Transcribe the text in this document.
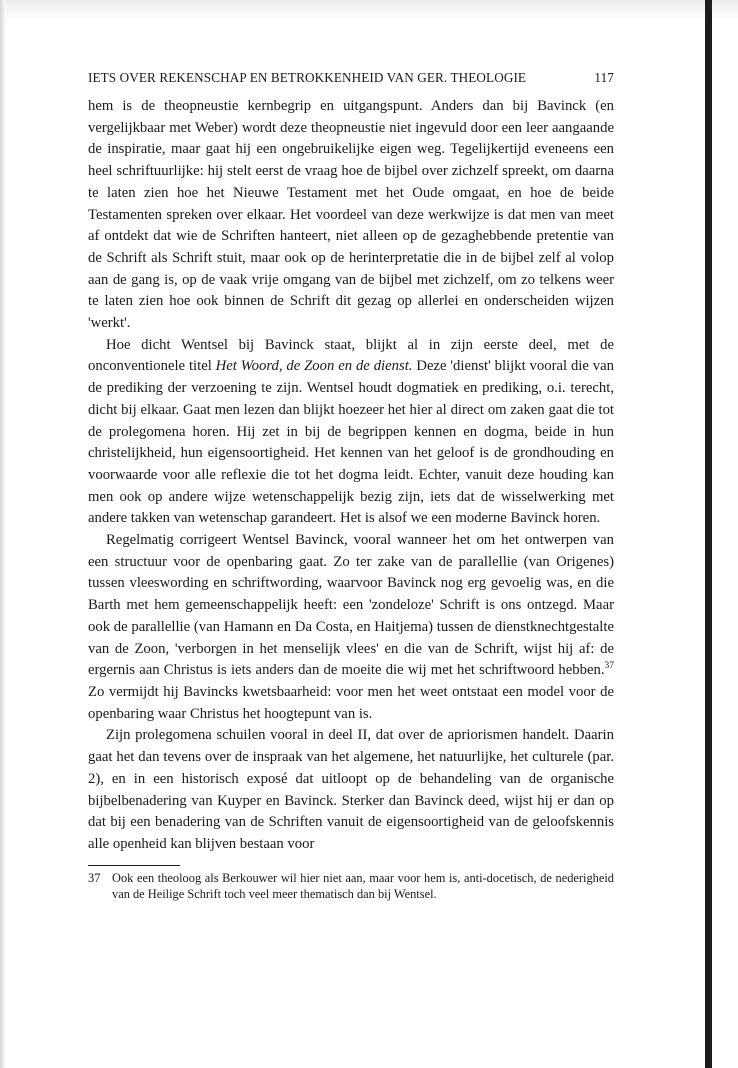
IETS OVER REKENSCHAP EN BETROKKENHEID VAN GER. THEOLOGIE	117

hem is de theopneustie kernbegrip en uitgangspunt. Anders dan bij Bavinck (en vergelijkbaar met Weber) wordt deze theopneustie niet ingevuld door een leer aangaande de inspiratie, maar gaat hij een ongebruikelijke eigen weg. Tegelijkertijd eveneens een heel schriftuurlijke: hij stelt eerst de vraag hoe de bijbel over zichzelf spreekt, om daarna te laten zien hoe het Nieuwe Testament met het Oude omgaat, en hoe de beide Testamenten spreken over elkaar. Het voordeel van deze werkwijze is dat men van meet af ontdekt dat wie de Schriften hanteert, niet alleen op de gezaghebbende pretentie van de Schrift als Schrift stuit, maar ook op de herinterpretatie die in de bijbel zelf al volop aan de gang is, op de vaak vrije omgang van de bijbel met zichzelf, om zo telkens weer te laten zien hoe ook binnen de Schrift dit gezag op allerlei en onderscheiden wijzen 'werkt'.

Hoe dicht Wentsel bij Bavinck staat, blijkt al in zijn eerste deel, met de onconventionele titel Het Woord, de Zoon en de dienst. Deze 'dienst' blijkt vooral die van de prediking der verzoening te zijn. Wentsel houdt dogmatiek en prediking, o.i. terecht, dicht bij elkaar. Gaat men lezen dan blijkt hoezeer het hier al direct om zaken gaat die tot de prolegomena horen. Hij zet in bij de begrippen kennen en dogma, beide in hun christelijkheid, hun eigensoortigheid. Het kennen van het geloof is de grondhouding en voorwaarde voor alle reflexie die tot het dogma leidt. Echter, vanuit deze houding kan men ook op andere wijze wetenschappelijk bezig zijn, iets dat de wisselwerking met andere takken van wetenschap garandeert. Het is alsof we een moderne Bavinck horen.

Regelmatig corrigeert Wentsel Bavinck, vooral wanneer het om het ontwerpen van een structuur voor de openbaring gaat. Zo ter zake van de parallellie (van Origenes) tussen vleeswording en schriftwording, waarvoor Bavinck nog erg gevoelig was, en die Barth met hem gemeenschappelijk heeft: een 'zondeloze' Schrift is ons ontzegd. Maar ook de parallellie (van Hamann en Da Costa, en Haitjema) tussen de dienstknechtgestalte van de Zoon, 'verborgen in het menselijk vlees' en die van de Schrift, wijst hij af: de ergernis aan Christus is iets anders dan de moeite die wij met het schriftwoord hebben.$^{37}$ Zo vermijdt hij Bavincks kwetsbaarheid: voor men het weet ontstaat een model voor de openbaring waar Christus het hoogtepunt van is.

Zijn prolegomena schuilen vooral in deel II, dat over de apriorismen handelt. Daarin gaat het dan tevens over de inspraak van het algemene, het natuurlijke, het culturele (par. 2), en in een historisch exposé dat uitloopt op de behandeling van de organische bijbelbenadering van Kuyper en Bavinck. Sterker dan Bavinck deed, wijst hij er dan op dat bij een benadering van de Schriften vanuit de eigensoortigheid van de geloofskennis alle openheid kan blijven bestaan voor

37 Ook een theoloog als Berkouwer wil hier niet aan, maar voor hem is, anti-docetisch, de nederigheid van de Heilige Schrift toch veel meer thematisch dan bij Wentsel.
